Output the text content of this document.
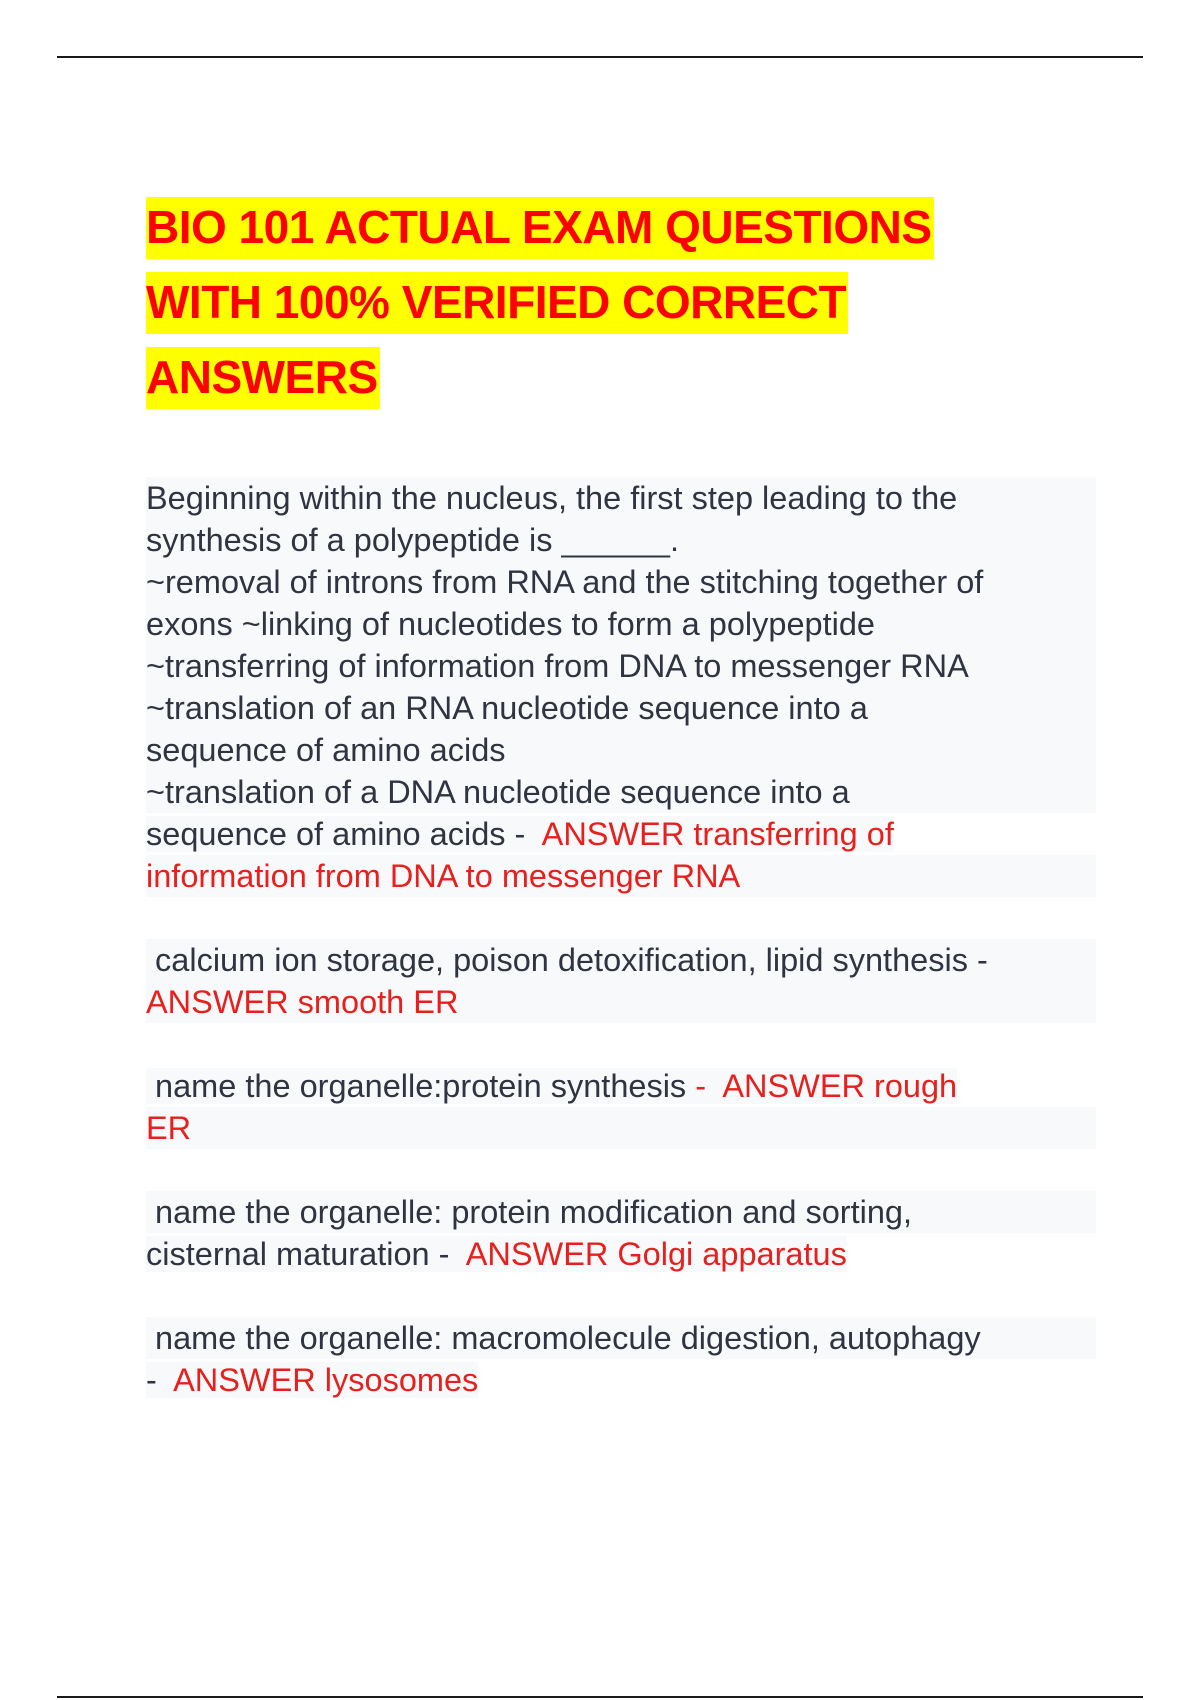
BIO 101 ACTUAL EXAM QUESTIONS
WITH 100% VERIFIED CORRECT
ANSWERS

Beginning within the nucleus, the first step leading to the
synthesis of a polypeptide is ______.
~removal of introns from RNA and the stitching together of
exons ~linking of nucleotides to form a polypeptide
~transferring of information from DNA to messenger RNA
~translation of an RNA nucleotide sequence into a
sequence of amino acids
~translation of a DNA nucleotide sequence into a
sequence of amino acids -  ANSWER transferring of
information from DNA to messenger RNA

calcium ion storage, poison detoxification, lipid synthesis -
ANSWER smooth ER

name the organelle:protein synthesis -  ANSWER rough
ER

name the organelle: protein modification and sorting,
cisternal maturation -  ANSWER Golgi apparatus

name the organelle: macromolecule digestion, autophagy
-  ANSWER lysosomes
